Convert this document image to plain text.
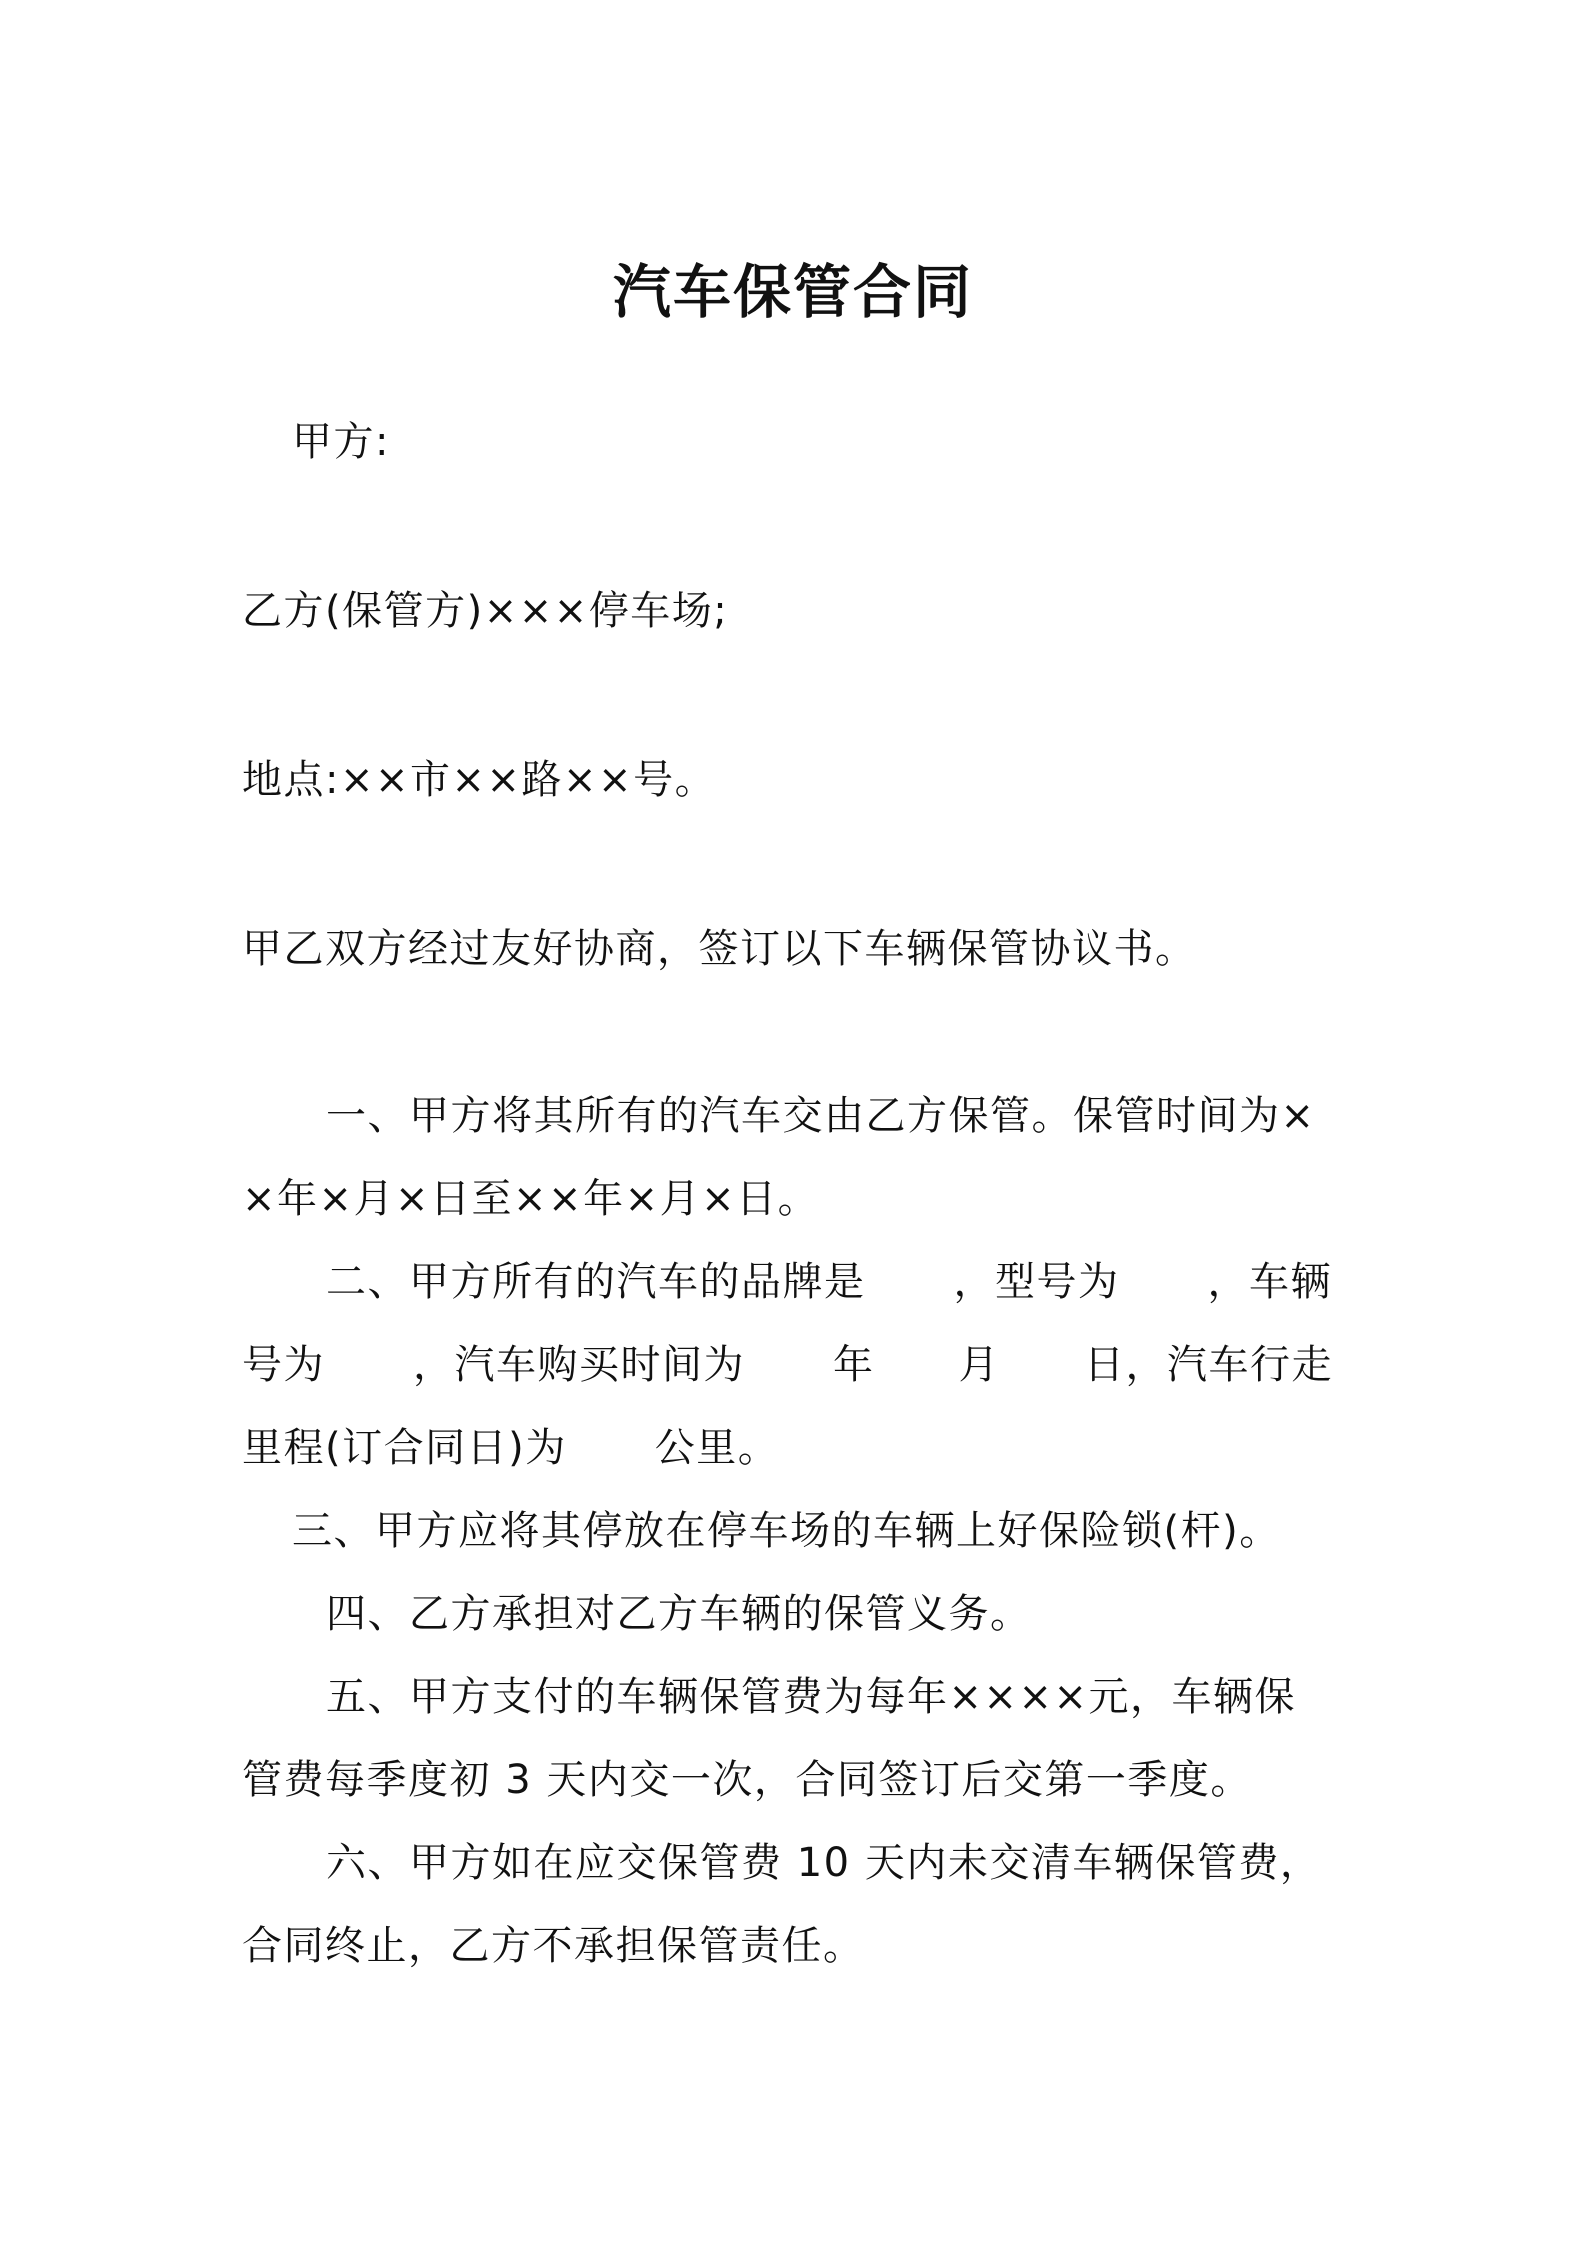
汽车保管合同

甲方:

乙方(保管方)×××停车场;

地点:××市××路××号。

甲乙双方经过友好协商，签订以下车辆保管协议书。

一、甲方将其所有的汽车交由乙方保管。保管时间为×

×年×月×日至××年×月×日。

二、甲方所有的汽车的品牌是 ，型号为 ，车辆

号为 ，汽车购买时间为 年 月 日，汽车行走

里程(订合同日)为 公里。

三、甲方应将其停放在停车场的车辆上好保险锁(杆)。

四、乙方承担对乙方车辆的保管义务。

五、甲方支付的车辆保管费为每年××××元，车辆保

管费每季度初 3 天内交一次，合同签订后交第一季度。

六、甲方如在应交保管费 10 天内未交清车辆保管费，

合同终止，乙方不承担保管责任。
